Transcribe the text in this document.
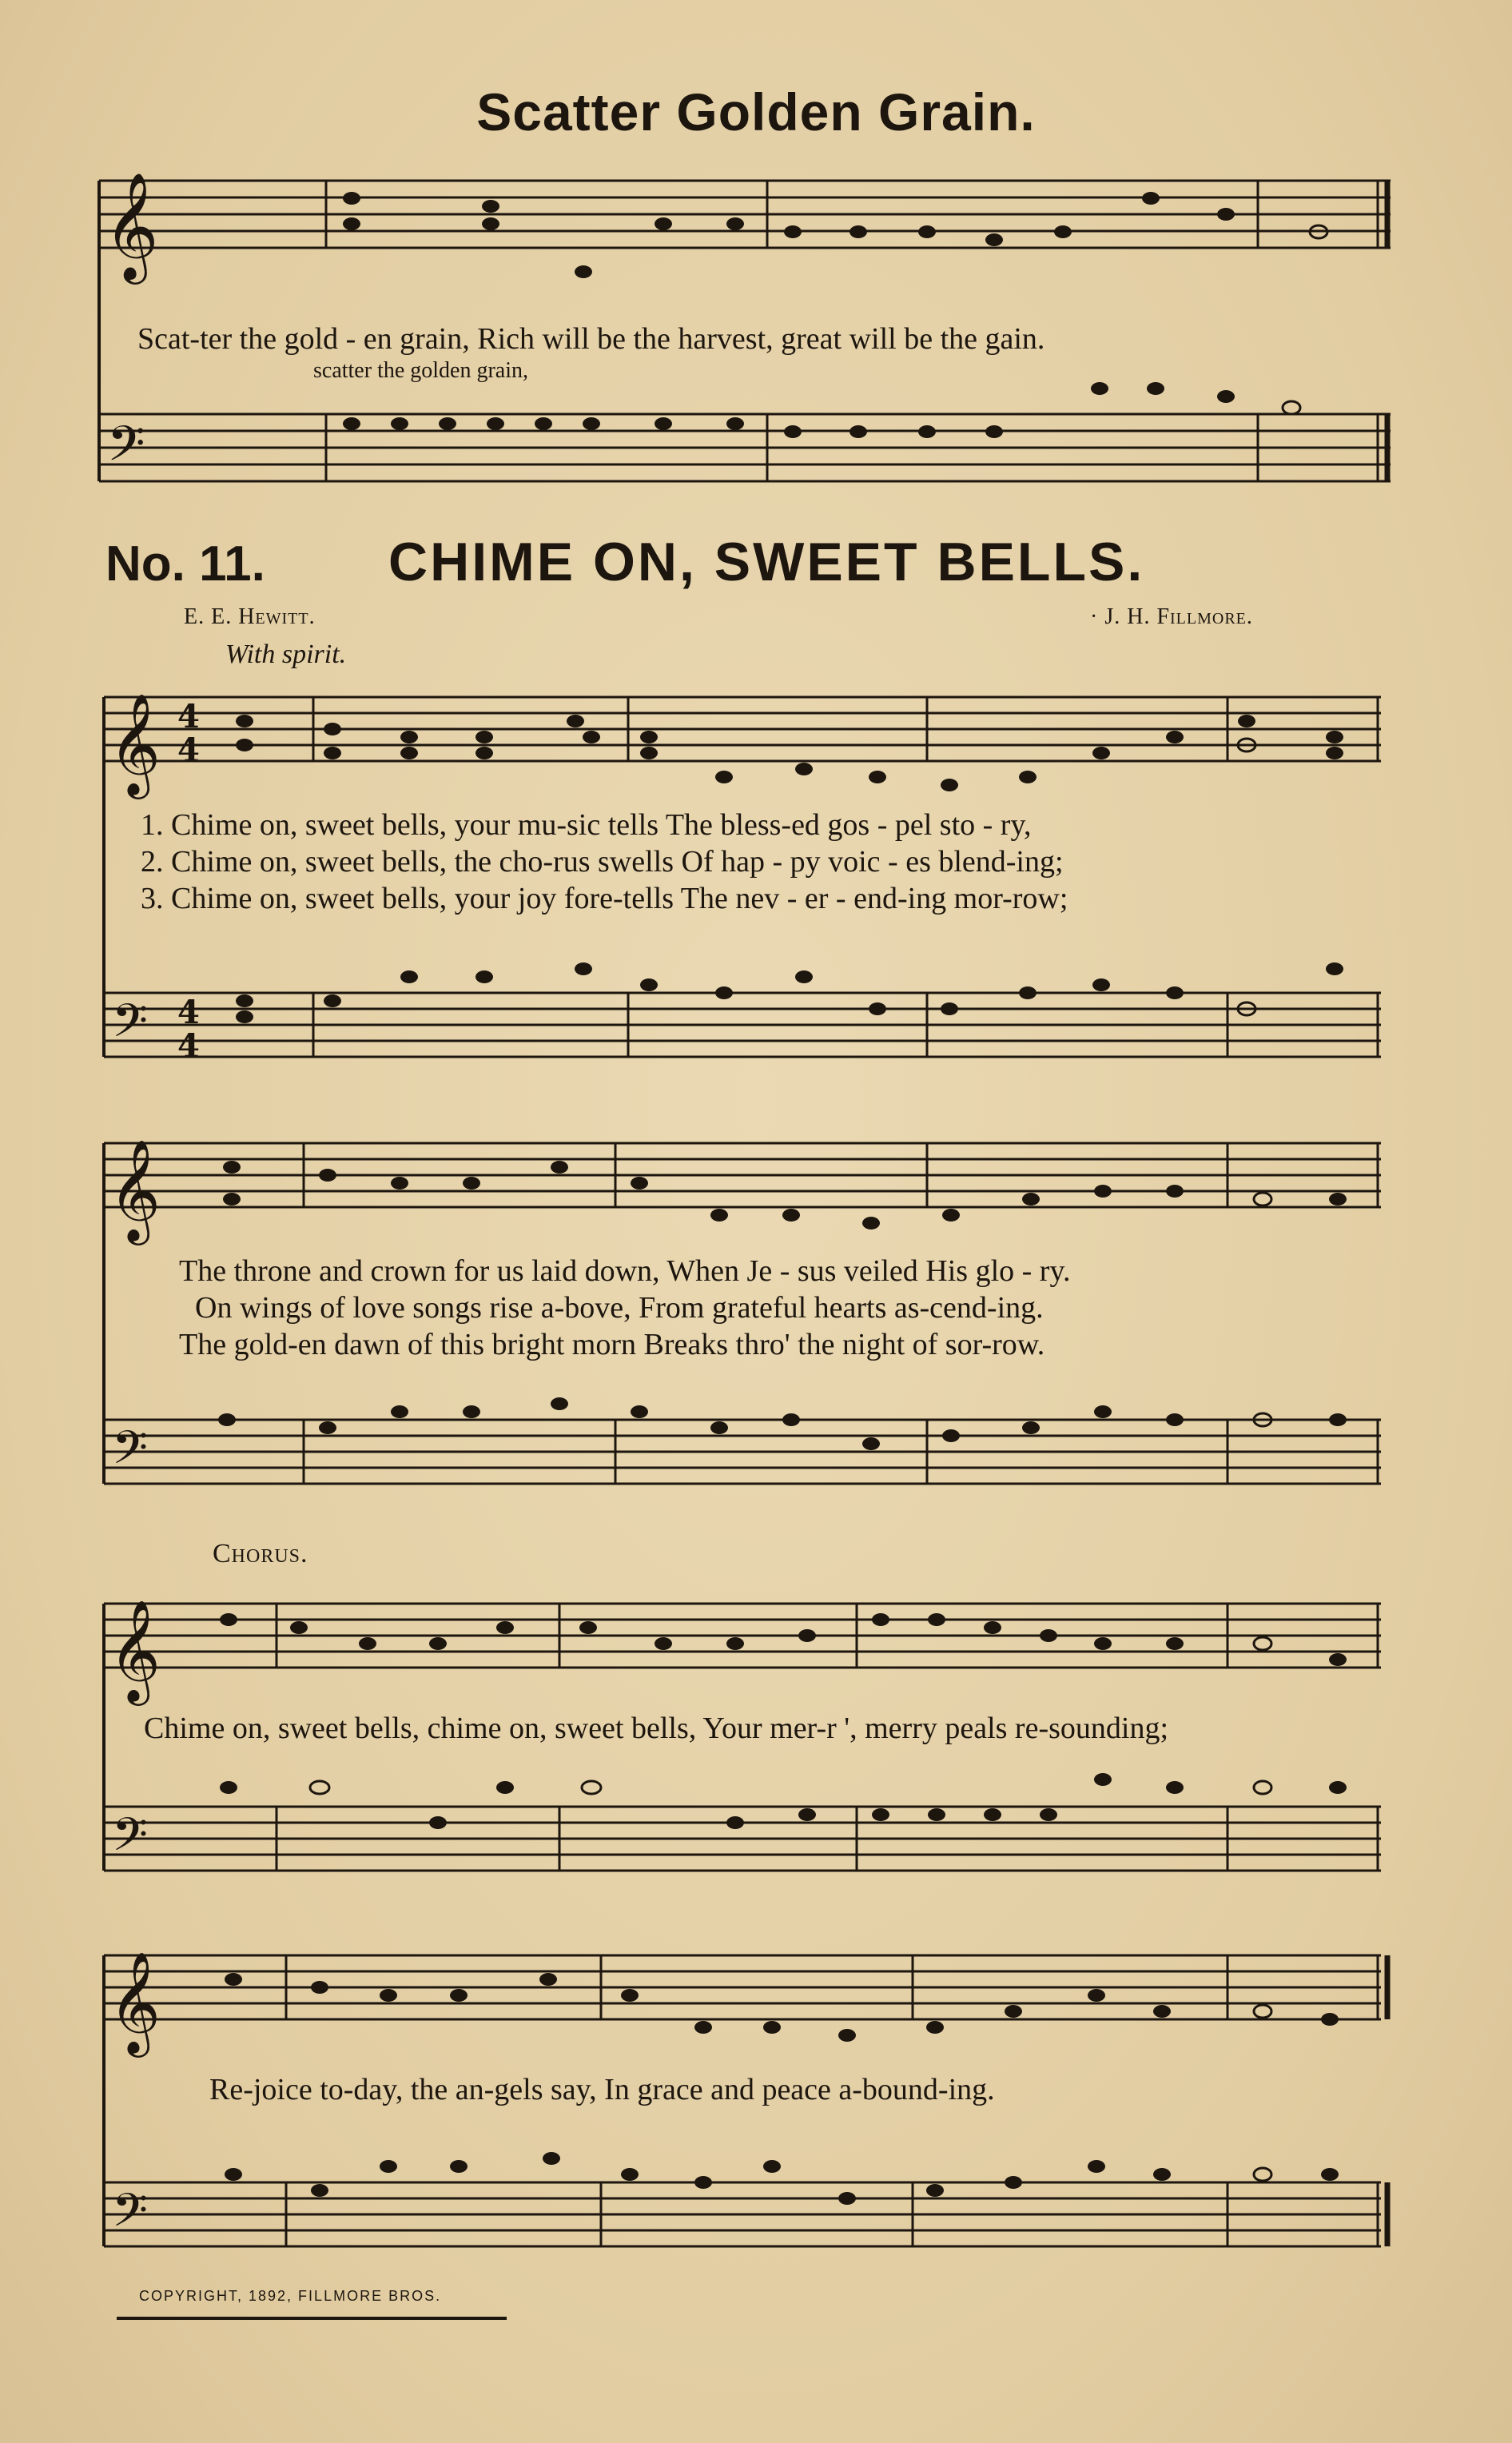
Scatter Golden Grain.
𝄞
𝄢
𝄞
𝄢
𝄞
𝄢
𝄞
𝄢
𝄞
𝄢
4
4
4
4
Scat-ter the gold - en grain, Rich will be the harvest, great will be the gain.
scatter the golden grain,
No. 11. CHIME ON, SWEET BELLS.
E. E. Hewitt.	· J. H. Fillmore.
With spirit.
1. Chime on, sweet bells, your mu-sic tells The bless-ed gos - pel sto - ry,
2. Chime on, sweet bells, the cho-rus swells Of hap - py voic - es blend-ing;
3. Chime on, sweet bells, your joy fore-tells The nev - er - end-ing mor-row;
The throne and crown for us laid down, When Je - sus veiled His glo - ry.
On wings of love songs rise a-bove, From grateful hearts as-cend-ing.
The gold-en dawn of this bright morn Breaks thro' the night of sor-row.
Chorus.
Chime on, sweet bells, chime on, sweet bells, Your mer-r ', merry peals re-sounding;
Re-joice to-day, the an-gels say, In grace and peace a-bound-ing.
COPYRIGHT, 1892, FILLMORE BROS.
